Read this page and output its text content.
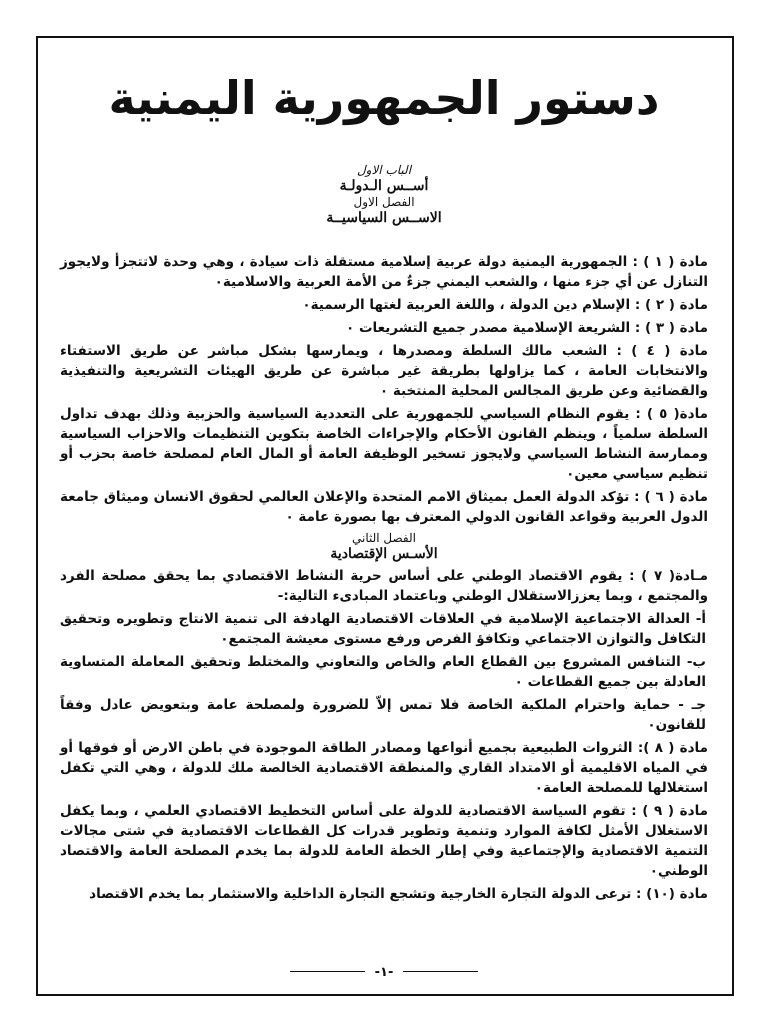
دستور الجمهورية اليمنية
الباب الاول
أســس الـدولـة
الفصل الاول
الاســس السياسيــة
مادة ( ١ ) : الجمهورية اليمنية دولة عربية إسلامية مستقلة ذات سيادة ، وهي وحدة لاتتجزأ ولايجوز التنازل عن أي جزء منها ، والشعب اليمني جزءٌ من الأمة العربية والاسلامية٠
مادة ( ٢ ) : الإسلام دين الدولة ، واللغة العربية لغتها الرسمية٠
مادة ( ٣ ) : الشريعة الإسلامية مصدر جميع التشريعات ٠
مادة ( ٤ ) : الشعب مالك السلطة ومصدرها ، ويمارسها بشكل مباشر عن طريق الاستفتاء والانتخابات العامة ، كما يزاولها بطريقة غير مباشرة عن طريق الهيئات التشريعية والتنفيذية والقضائية وعن طريق المجالس المحلية المنتخبة ٠
مادة( ٥ ) : يقوم النظام السياسي للجمهورية على التعددية السياسية والحزبية وذلك بهدف تداول السلطة سلمياً ، وينظم القانون الأحكام والإجراءات الخاصة بتكوين التنظيمات والاحزاب السياسية وممارسة النشاط السياسي ولايجوز تسخير الوظيفة العامة أو المال العام لمصلحة خاصة بحزب أو تنظيم سياسي معين٠
مادة ( ٦ ) : تؤكد الدولة العمل بميثاق الامم المتحدة والإعلان العالمي لحقوق الانسان وميثاق جامعة الدول العربية وقواعد القانون الدولي المعترف بها بصورة عامة ٠
الفصل الثاني
الأسـس الإقتصادية
مـادة( ٧ ) : يقوم الاقتصاد الوطني على أساس حرية النشاط الاقتصادي بما يحقق مصلحة الفرد والمجتمع ، وبما يعززالاستقلال الوطني وباعتماد المبادىء التالية:-
أ- العدالة الاجتماعية الإسلامية في العلاقات الاقتصادية الهادفة الى تنمية الانتاج وتطويره وتحقيق التكافل والتوازن الاجتماعي وتكافؤ الفرص ورفع مستوى معيشة المجتمع٠
ب- التنافس المشروع بين القطاع العام والخاص والتعاوني والمختلط وتحقيق المعاملة المتساوية العادلة بين جميع القطاعات ٠
جـ - حماية واحترام الملكية الخاصة فلا تمس إلاّ للضرورة ولمصلحة عامة وبتعويض عادل وفقاً للقانون٠
مادة ( ٨ ): الثروات الطبيعية بجميع أنواعها ومصادر الطاقة الموجودة في باطن الارض أو فوقها أو في المياه الاقليمية أو الامتداد القاري والمنطقة الاقتصادية الخالصة ملك للدولة ، وهي التي تكفل استغلالها للمصلحة العامة٠
مادة ( ٩ ) : تقوم السياسة الاقتصادية للدولة على أساس التخطيط الاقتصادي العلمي ، وبما يكفل الاستغلال الأمثل لكافة الموارد وتنمية وتطوير قدرات كل القطاعات الاقتصادية في شتى مجالات التنمية الاقتصادية والإجتماعية وفي إطار الخطة العامة للدولة بما يخدم المصلحة العامة والاقتصاد الوطني٠
مادة (١٠) : ترعى الدولة التجارة الخارجية وتشجع التجارة الداخلية والاستثمار بما يخدم الاقتصاد
-١-
